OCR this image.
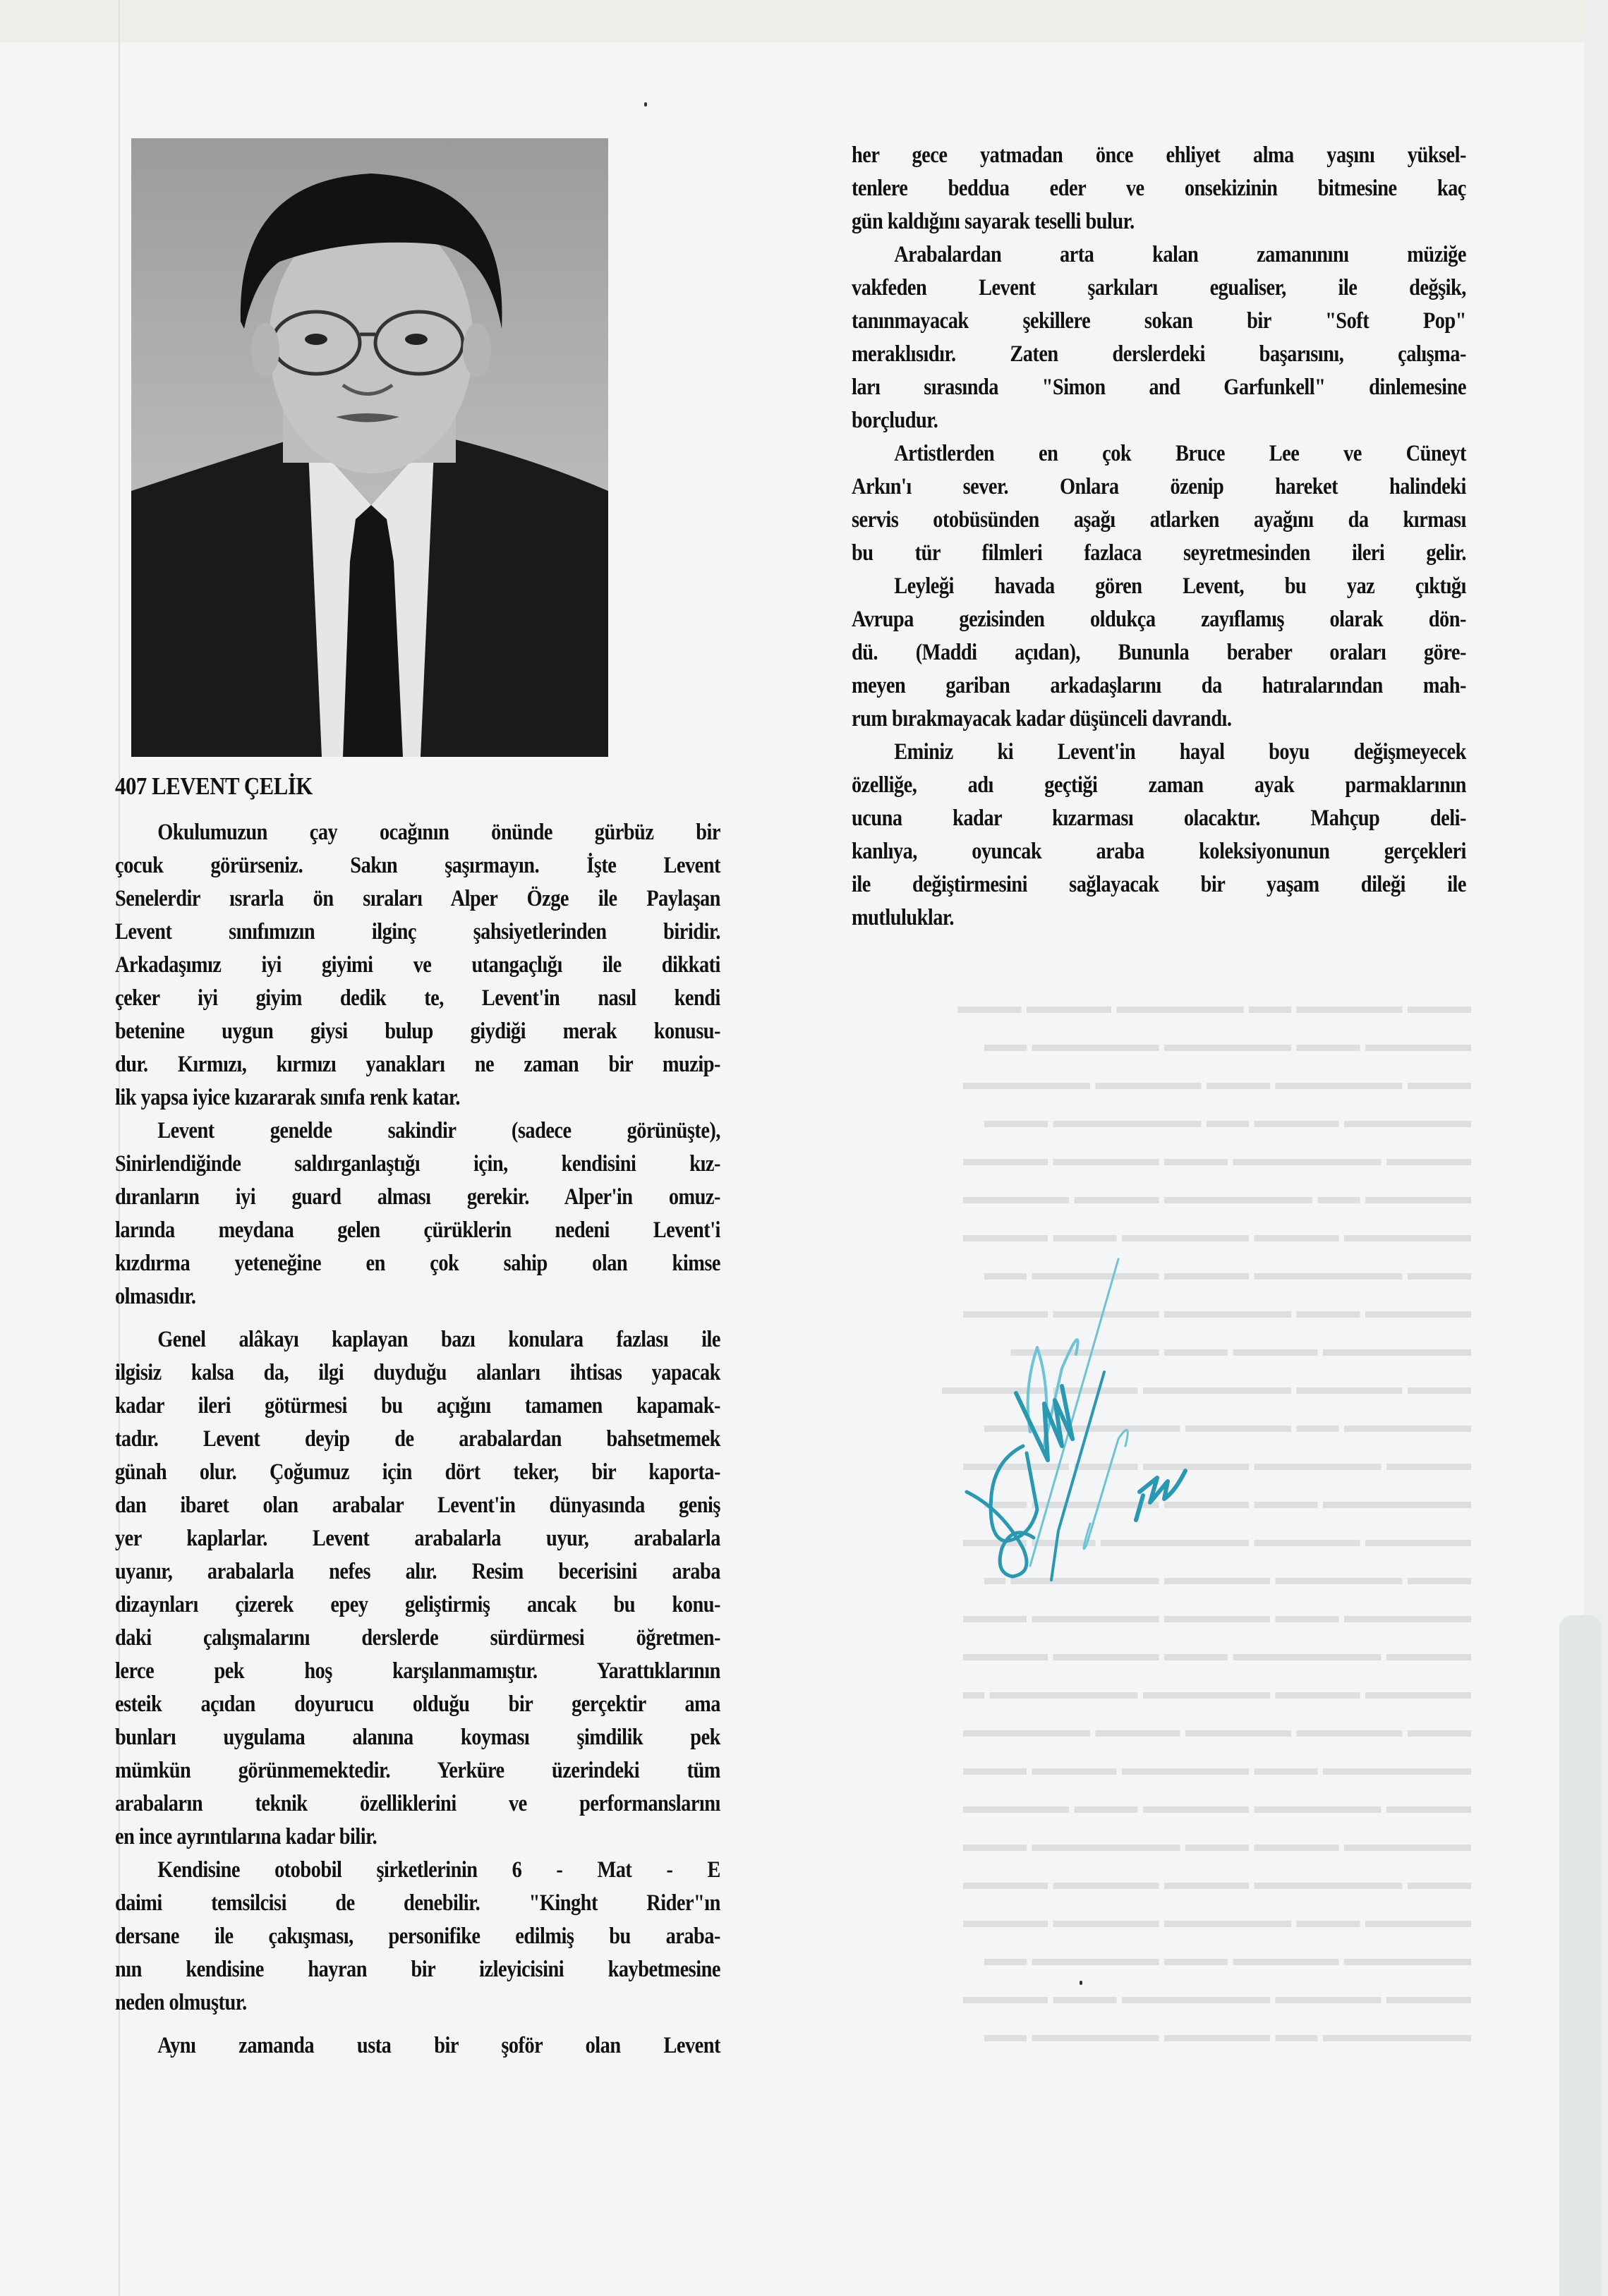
▬▬▬ ▬▬▬▬▬ ▬▬ ▬▬▬▬▬▬ ▬▬▬▬ ▬▬▬
▬▬▬▬▬ ▬▬▬ ▬▬▬▬▬▬ ▬▬▬▬▬▬ ▬▬
▬▬▬ ▬▬▬▬▬▬ ▬▬▬ ▬▬▬▬▬ ▬▬▬▬▬▬
▬▬▬▬▬▬ ▬▬▬▬ ▬▬ ▬▬▬▬▬▬▬ ▬▬▬
▬▬▬▬ ▬▬▬▬▬▬▬ ▬▬▬ ▬▬▬▬▬ ▬▬▬▬
▬▬▬▬▬ ▬▬ ▬▬▬▬▬▬▬ ▬▬▬▬ ▬▬▬▬▬
▬▬▬▬▬▬ ▬▬▬▬ ▬▬▬▬▬▬ ▬▬▬ ▬▬▬▬
▬▬▬ ▬▬▬▬▬▬▬ ▬▬▬▬ ▬▬▬▬▬▬ ▬▬
▬▬▬▬▬ ▬▬▬ ▬▬▬▬▬▬ ▬▬▬▬▬ ▬▬▬▬
▬▬▬▬▬▬▬ ▬▬▬▬ ▬▬▬ ▬▬▬▬▬▬▬
▬▬▬ ▬▬▬▬▬ ▬▬▬▬▬▬▬ ▬▬▬▬ ▬▬▬▬▬
▬▬▬▬▬▬ ▬▬ ▬▬▬▬▬ ▬▬▬▬▬▬ ▬▬▬
▬▬▬▬ ▬▬▬▬▬▬ ▬▬▬▬▬ ▬▬▬ ▬▬▬▬▬
▬▬▬▬▬▬▬ ▬▬▬ ▬▬▬▬ ▬▬▬▬▬▬ ▬▬
▬▬▬▬▬ ▬▬▬▬▬ ▬▬▬▬▬▬▬ ▬▬▬ ▬▬▬
▬▬▬ ▬▬▬▬▬▬ ▬▬▬▬▬ ▬▬▬▬▬▬▬ ▬
▬▬▬▬▬▬ ▬▬▬ ▬▬▬▬▬ ▬▬▬▬▬▬ ▬▬▬
▬▬▬▬ ▬▬▬▬▬▬▬ ▬▬▬ ▬▬▬▬▬ ▬▬▬▬
▬▬▬▬▬ ▬▬▬▬ ▬▬▬▬▬▬ ▬▬▬▬▬▬▬ ▬
▬▬▬ ▬▬▬▬▬ ▬▬▬▬▬ ▬▬▬▬ ▬▬▬▬▬▬
▬▬▬▬▬▬▬ ▬▬▬ ▬▬▬▬▬▬ ▬▬▬▬ ▬▬▬
▬▬▬▬ ▬▬▬▬▬▬ ▬▬▬▬▬ ▬▬▬ ▬▬▬▬▬
▬▬▬▬▬▬ ▬▬▬▬ ▬▬▬ ▬▬▬▬▬▬▬ ▬▬▬
▬▬▬ ▬▬▬▬▬▬▬ ▬▬▬▬ ▬▬▬▬▬ ▬▬▬▬
▬▬▬▬▬ ▬▬▬ ▬▬▬▬▬▬ ▬▬▬▬▬ ▬▬▬▬
▬▬▬▬▬▬ ▬▬▬▬▬ ▬▬▬ ▬▬▬▬▬▬ ▬▬
▬▬▬▬ ▬▬▬▬▬ ▬▬▬▬▬▬▬ ▬▬▬ ▬▬▬▬
▬▬▬▬▬▬▬ ▬▬ ▬▬▬▬▬ ▬▬▬▬▬▬ ▬▬
407 LEVENT ÇELİK
Okulumuzun çay ocağının önünde gürbüz bir
çocuk görürseniz. Sakın şaşırmayın. İşte Levent
Senelerdir ısrarla ön sıraları Alper Özge ile Paylaşan
Levent sınıfımızın ilginç şahsiyetlerinden biridir.
Arkadaşımız iyi giyimi ve utangaçlığı ile dikkati
çeker iyi giyim dedik te, Levent'in nasıl kendi
betenine uygun giysi bulup giydiği merak konusu-
dur. Kırmızı, kırmızı yanakları ne zaman bir muzip-
lik yapsa iyice kızararak sınıfa renk katar.
Levent genelde sakindir (sadece görünüşte),
Sinirlendiğinde saldırganlaştığı için, kendisini kız-
dıranların iyi guard alması gerekir. Alper'in omuz-
larında meydana gelen çürüklerin nedeni Levent'i
kızdırma yeteneğine en çok sahip olan kimse
olmasıdır.
Genel alâkayı kaplayan bazı konulara fazlası ile
ilgisiz kalsa da, ilgi duyduğu alanları ihtisas yapacak
kadar ileri götürmesi bu açığını tamamen kapamak-
tadır. Levent deyip de arabalardan bahsetmemek
günah olur. Çoğumuz için dört teker, bir kaporta-
dan ibaret olan arabalar Levent'in dünyasında geniş
yer kaplarlar. Levent arabalarla uyur, arabalarla
uyanır, arabalarla nefes alır. Resim becerisini araba
dizaynları çizerek epey geliştirmiş ancak bu konu-
daki çalışmalarını derslerde sürdürmesi öğretmen-
lerce pek hoş karşılanmamıştır. Yarattıklarının
esteik açıdan doyurucu olduğu bir gerçektir ama
bunları uygulama alanına koyması şimdilik pek
mümkün görünmemektedir. Yerküre üzerindeki tüm
arabaların teknik özelliklerini ve performanslarını
en ince ayrıntılarına kadar bilir.
Kendisine otobobil şirketlerinin 6 - Mat - E
daimi temsilcisi de denebilir. "Kinght Rider"ın
dersane ile çakışması, personifike edilmiş bu araba-
nın kendisine hayran bir izleyicisini kaybetmesine
neden olmuştur.
Aynı zamanda usta bir şoför olan Levent
her gece yatmadan önce ehliyet alma yaşını yüksel-
tenlere beddua eder ve onsekizinin bitmesine kaç
gün kaldığını sayarak teselli bulur.
Arabalardan arta kalan zamanınını müziğe
vakfeden Levent şarkıları egualiser, ile değşik,
tanınmayacak şekillere sokan bir "Soft Pop"
meraklısıdır. Zaten derslerdeki başarısını, çalışma-
ları sırasında "Simon and Garfunkell" dinlemesine
borçludur.
Artistlerden en çok Bruce Lee ve Cüneyt
Arkın'ı sever. Onlara özenip hareket halindeki
servis otobüsünden aşağı atlarken ayağını da kırması
bu tür filmleri fazlaca seyretmesinden ileri gelir.
Leyleği havada gören Levent, bu yaz çıktığı
Avrupa gezisinden oldukça zayıflamış olarak dön-
dü. (Maddi açıdan), Bununla beraber oraları göre-
meyen gariban arkadaşlarını da hatıralarından mah-
rum bırakmayacak kadar düşünceli davrandı.
Eminiz ki Levent'in hayal boyu değişmeyecek
özelliğe, adı geçtiği zaman ayak parmaklarının
ucuna kadar kızarması olacaktır. Mahçup deli-
kanlıya, oyuncak araba koleksiyonunun gerçekleri
ile değiştirmesini sağlayacak bir yaşam dileği ile
mutluluklar.
